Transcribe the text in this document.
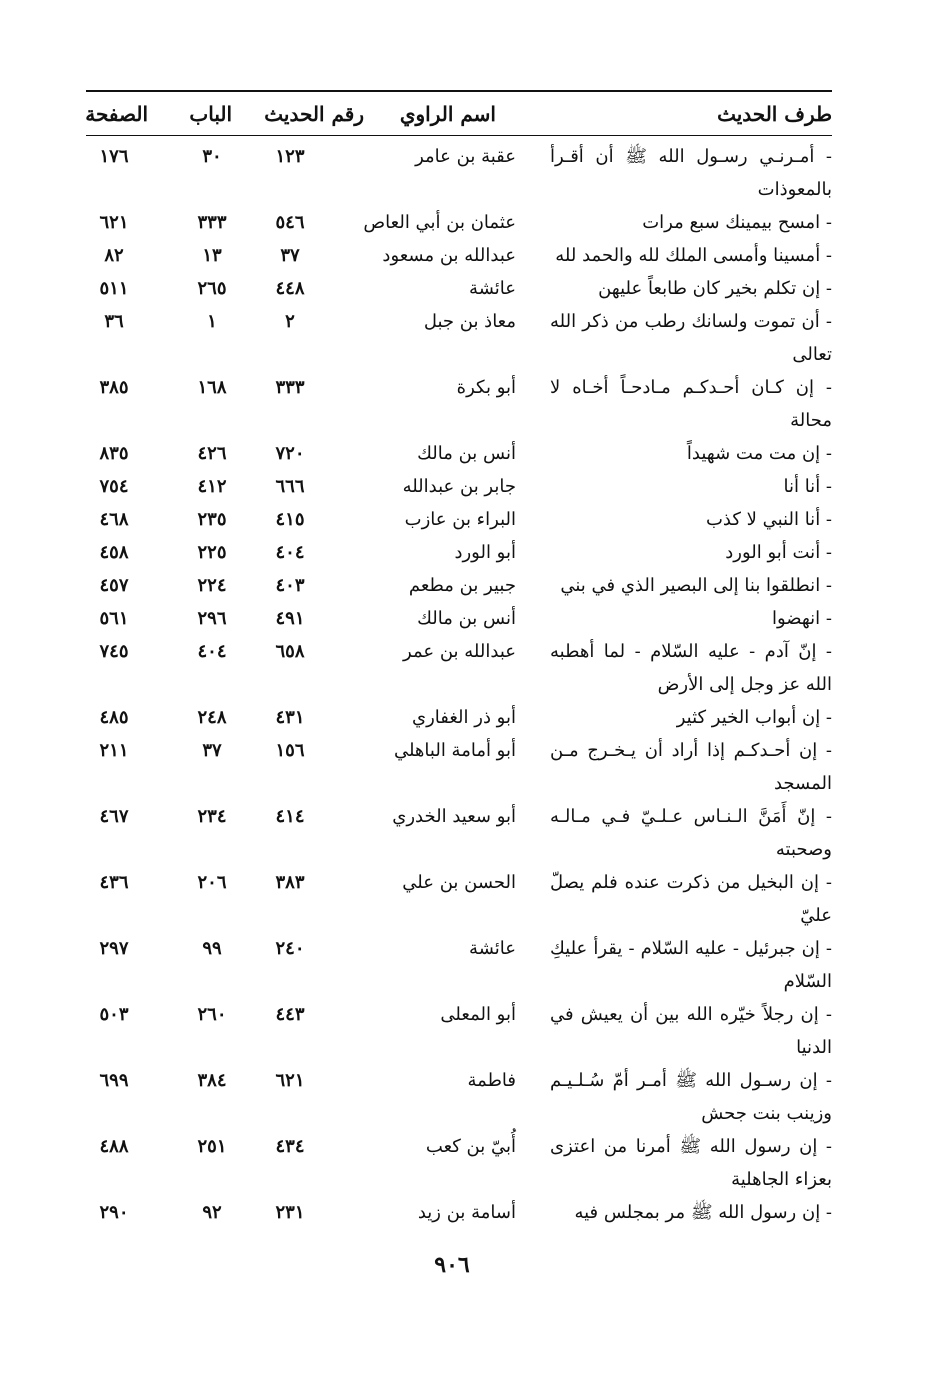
طرف الحديث
اسم الراوي
رقم الحديث
الباب
الصفحة
- أمـرنـي رسـول الله ﷺ أن أقـرأ بالمعوذات
عقبة بن عامر
١٢٣
٣٠
١٧٦
- امسح بيمينك سبع مرات
عثمان بن أبي العاص
٥٤٦
٣٣٣
٦٢١
- أمسينا وأمسى الملك لله والحمد لله
عبدالله بن مسعود
٣٧
١٣
٨٢
- إن تكلم بخير كان طابعاً عليهن
عائشة
٤٤٨
٢٦٥
٥١١
- أن تموت ولسانك رطب من ذكر الله تعالى
معاذ بن جبل
٢
١
٣٦
- إن كـان أحـدكـم مـادحـاً أخـاه لا محالة
أبو بكرة
٣٣٣
١٦٨
٣٨٥
- إن مت مت شهيداً
أنس بن مالك
٧٢٠
٤٢٦
٨٣٥
- أنا أنا
جابر بن عبدالله
٦٦٦
٤١٢
٧٥٤
- أنا النبي لا كذب
البراء بن عازب
٤١٥
٢٣٥
٤٦٨
- أنت أبو الورد
أبو الورد
٤٠٤
٢٢٥
٤٥٨
- انطلقوا بنا إلى البصير الذي في بني
جبير بن مطعم
٤٠٣
٢٢٤
٤٥٧
- انهضوا
أنس بن مالك
٤٩١
٢٩٦
٥٦١
- إنّ آدم - عليه السّلام - لما أهطبه الله عز وجل إلى الأرض
عبدالله بن عمر
٦٥٨
٤٠٤
٧٤٥
- إن أبواب الخير كثير
أبو ذر الغفاري
٤٣١
٢٤٨
٤٨٥
- إن أحـدكـم إذا أراد أن يـخـرج مـن المسجد
أبو أمامة الباهلي
١٥٦
٣٧
٢١١
- إنّ أَمَنَّ الـنـاس عـلـيّ فـي مـالـه وصحبته
أبو سعيد الخدري
٤١٤
٢٣٤
٤٦٧
- إن البخيل من ذكرت عنده فلم يصلّ عليّ
الحسن بن علي
٣٨٣
٢٠٦
٤٣٦
- إن جبرئيل - عليه السّلام - يقرأ عليكِ السّلام
عائشة
٢٤٠
٩٩
٢٩٧
- إن رجلاً خيّره الله بين أن يعيش في الدنيا
أبو المعلى
٤٤٣
٢٦٠
٥٠٣
- إن رسـول الله ﷺ أمـر أمّ سُـلـيـم وزينب بنت جحش
فاطمة
٦٢١
٣٨٤
٦٩٩
- إن رسول الله ﷺ أمرنا من اعتزى بعزاء الجاهلية
أُبيّ بن كعب
٤٣٤
٢٥١
٤٨٨
- إن رسول الله ﷺ مر بمجلس فيه
أسامة بن زيد
٢٣١
٩٢
٢٩٠
٩٠٦
